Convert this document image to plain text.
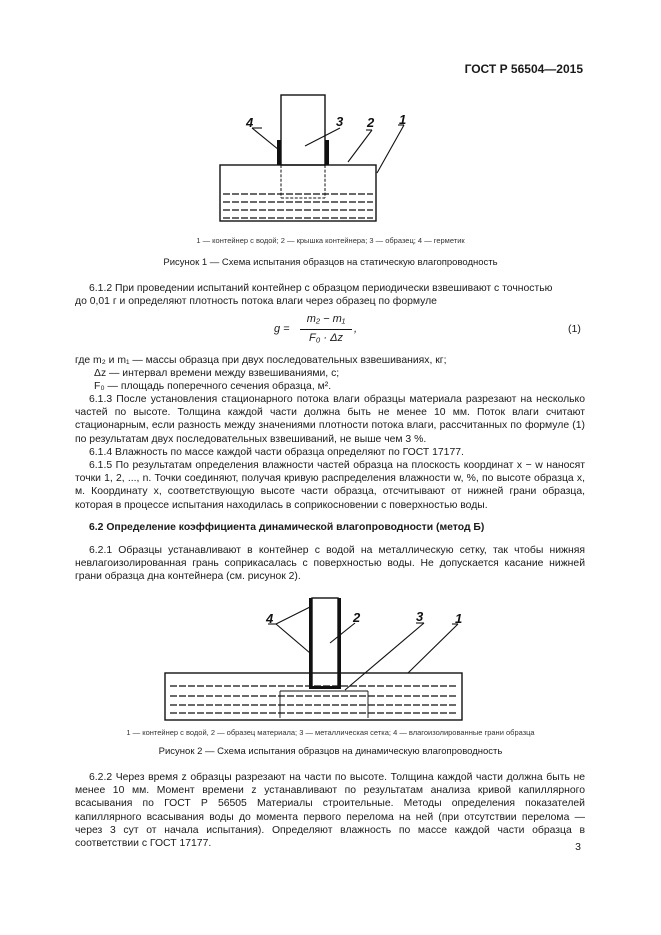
ГОСТ Р 56504—2015
4	3 2 1
1 — контейнер с водой; 2 — крышка контейнера; 3 — образец; 4 — герметик
Рисунок 1 — Схема испытания образцов на статическую влагопроводность

6.1.2 При проведении испытаний контейнер с образцом периодически взвешивают с точностью

до 0,01 г и определяют плотность потока влаги через образец по формуле

g =
m₂ − m₁
F₀ · Δz
,	(1)

где m₂ и m₁ — массы образца при двух последовательных взвешиваниях, кг;

Δz — интервал времени между взвешиваниями, с;

F₀ — площадь поперечного сечения образца, м².

6.1.3 После установления стационарного потока влаги образцы материала разрезают на несколько частей по высоте. Толщина каждой части должна быть не менее 10 мм. Поток влаги считают стационарным, если разность между значениями плотности потока влаги, рассчитанных по формуле (1) по результатам двух последовательных взвешиваний, не выше чем 3 %.

6.1.4 Влажность по массе каждой части образца определяют по ГОСТ 17177.

6.1.5 По результатам определения влажности частей образца на плоскость координат x − w наносят точки 1, 2, ..., n. Точки соединяют, получая кривую распределения влажности w, %, по высоте образца x, м. Координату x, соответствующую высоте части образца, отсчитывают от нижней грани образца, которая в процессе испытания находилась в соприкосновении с поверхностью воды.

6.2 Определение коэффициента динамической влагопроводности (метод Б)

6.2.1 Образцы устанавливают в контейнер с водой на металлическую сетку, так чтобы нижняя невлагоизолированная грань соприкасалась с поверхностью воды. Не допускается касание нижней грани образца дна контейнера (см. рисунок 2).

4	2	3 1
1 — контейнер с водой, 2 — образец материала; 3 — металлическая сетка; 4 — влагоизолированные грани образца
Рисунок 2 — Схема испытания образцов на динамическую влагопроводность

6.2.2 Через время z образцы разрезают на части по высоте. Толщина каждой части должна быть не менее 10 мм. Момент времени z устанавливают по результатам анализа кривой капиллярного всасывания по ГОСТ Р 56505 Материалы строительные. Методы определения показателей капиллярного всасывания воды до момента первого перелома на ней (при отсутствии перелома — через 3 сут от начала испытания). Определяют влажность по массе каждой части образца в соответствии с ГОСТ 17177.	3
